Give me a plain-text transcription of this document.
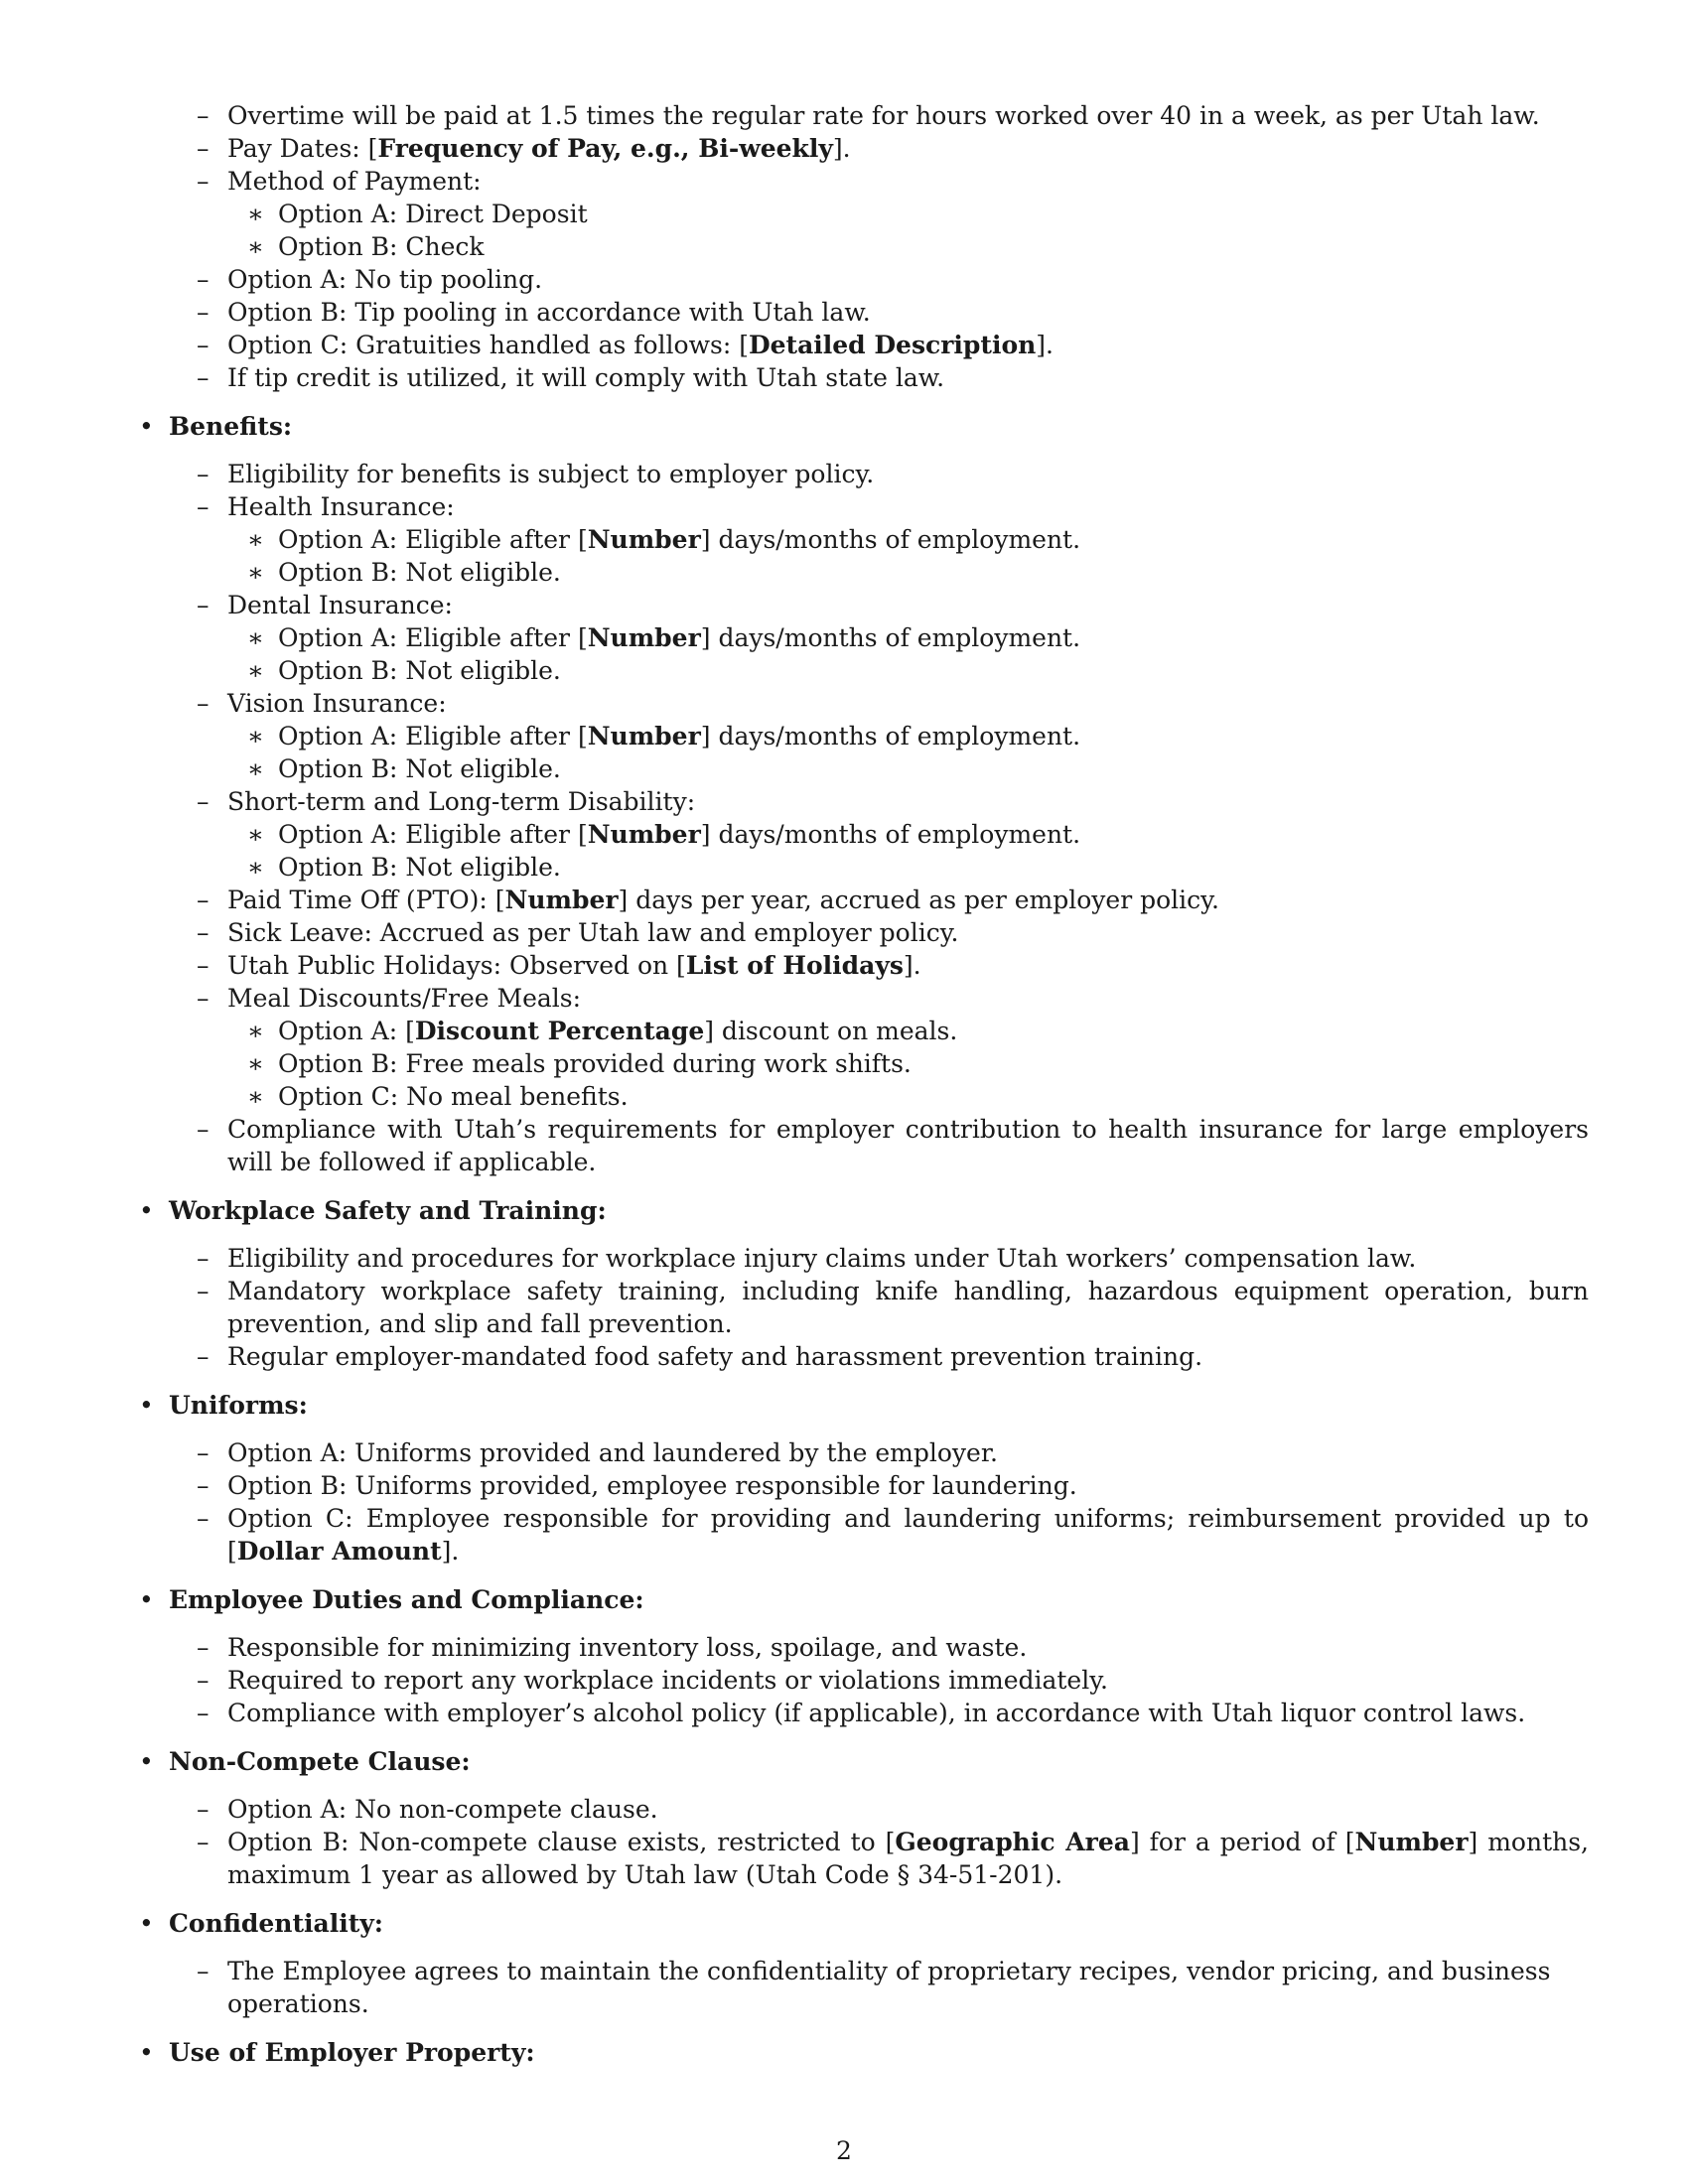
– Overtime will be paid at 1.5 times the regular rate for hours worked over 40 in a week, as per Utah law.
– Pay Dates: [Frequency of Pay, e.g., Bi-weekly].
– Method of Payment:
∗ Option A: Direct Deposit
∗ Option B: Check
– Option A: No tip pooling.
– Option B: Tip pooling in accordance with Utah law.
– Option C: Gratuities handled as follows: [Detailed Description].
– If tip credit is utilized, it will comply with Utah state law.
• Benefits:
– Eligibility for benefits is subject to employer policy.
– Health Insurance:
∗ Option A: Eligible after [Number] days/months of employment.
∗ Option B: Not eligible.
– Dental Insurance:
∗ Option A: Eligible after [Number] days/months of employment.
∗ Option B: Not eligible.
– Vision Insurance:
∗ Option A: Eligible after [Number] days/months of employment.
∗ Option B: Not eligible.
– Short-term and Long-term Disability:
∗ Option A: Eligible after [Number] days/months of employment.
∗ Option B: Not eligible.
– Paid Time Off (PTO): [Number] days per year, accrued as per employer policy.
– Sick Leave: Accrued as per Utah law and employer policy.
– Utah Public Holidays: Observed on [List of Holidays].
– Meal Discounts/Free Meals:
∗ Option A: [Discount Percentage] discount on meals.
∗ Option B: Free meals provided during work shifts.
∗ Option C: No meal benefits.
– Compliance with Utah’s requirements for employer contribution to health insurance for large employers will be followed if applicable.
• Workplace Safety and Training:
– Eligibility and procedures for workplace injury claims under Utah workers’ compensation law.
– Mandatory workplace safety training, including knife handling, hazardous equipment operation, burn prevention, and slip and fall prevention.
– Regular employer-mandated food safety and harassment prevention training.
• Uniforms:
– Option A: Uniforms provided and laundered by the employer.
– Option B: Uniforms provided, employee responsible for laundering.
– Option C: Employee responsible for providing and laundering uniforms; reimbursement provided up to [Dollar Amount].
• Employee Duties and Compliance:
– Responsible for minimizing inventory loss, spoilage, and waste.
– Required to report any workplace incidents or violations immediately.
– Compliance with employer’s alcohol policy (if applicable), in accordance with Utah liquor control laws.
• Non-Compete Clause:
– Option A: No non-compete clause.
– Option B: Non-compete clause exists, restricted to [Geographic Area] for a period of [Number] months, maximum 1 year as allowed by Utah law (Utah Code § 34-51-201).
• Confidentiality:
– The Employee agrees to maintain the confidentiality of proprietary recipes, vendor pricing, and business operations.
• Use of Employer Property:
2
